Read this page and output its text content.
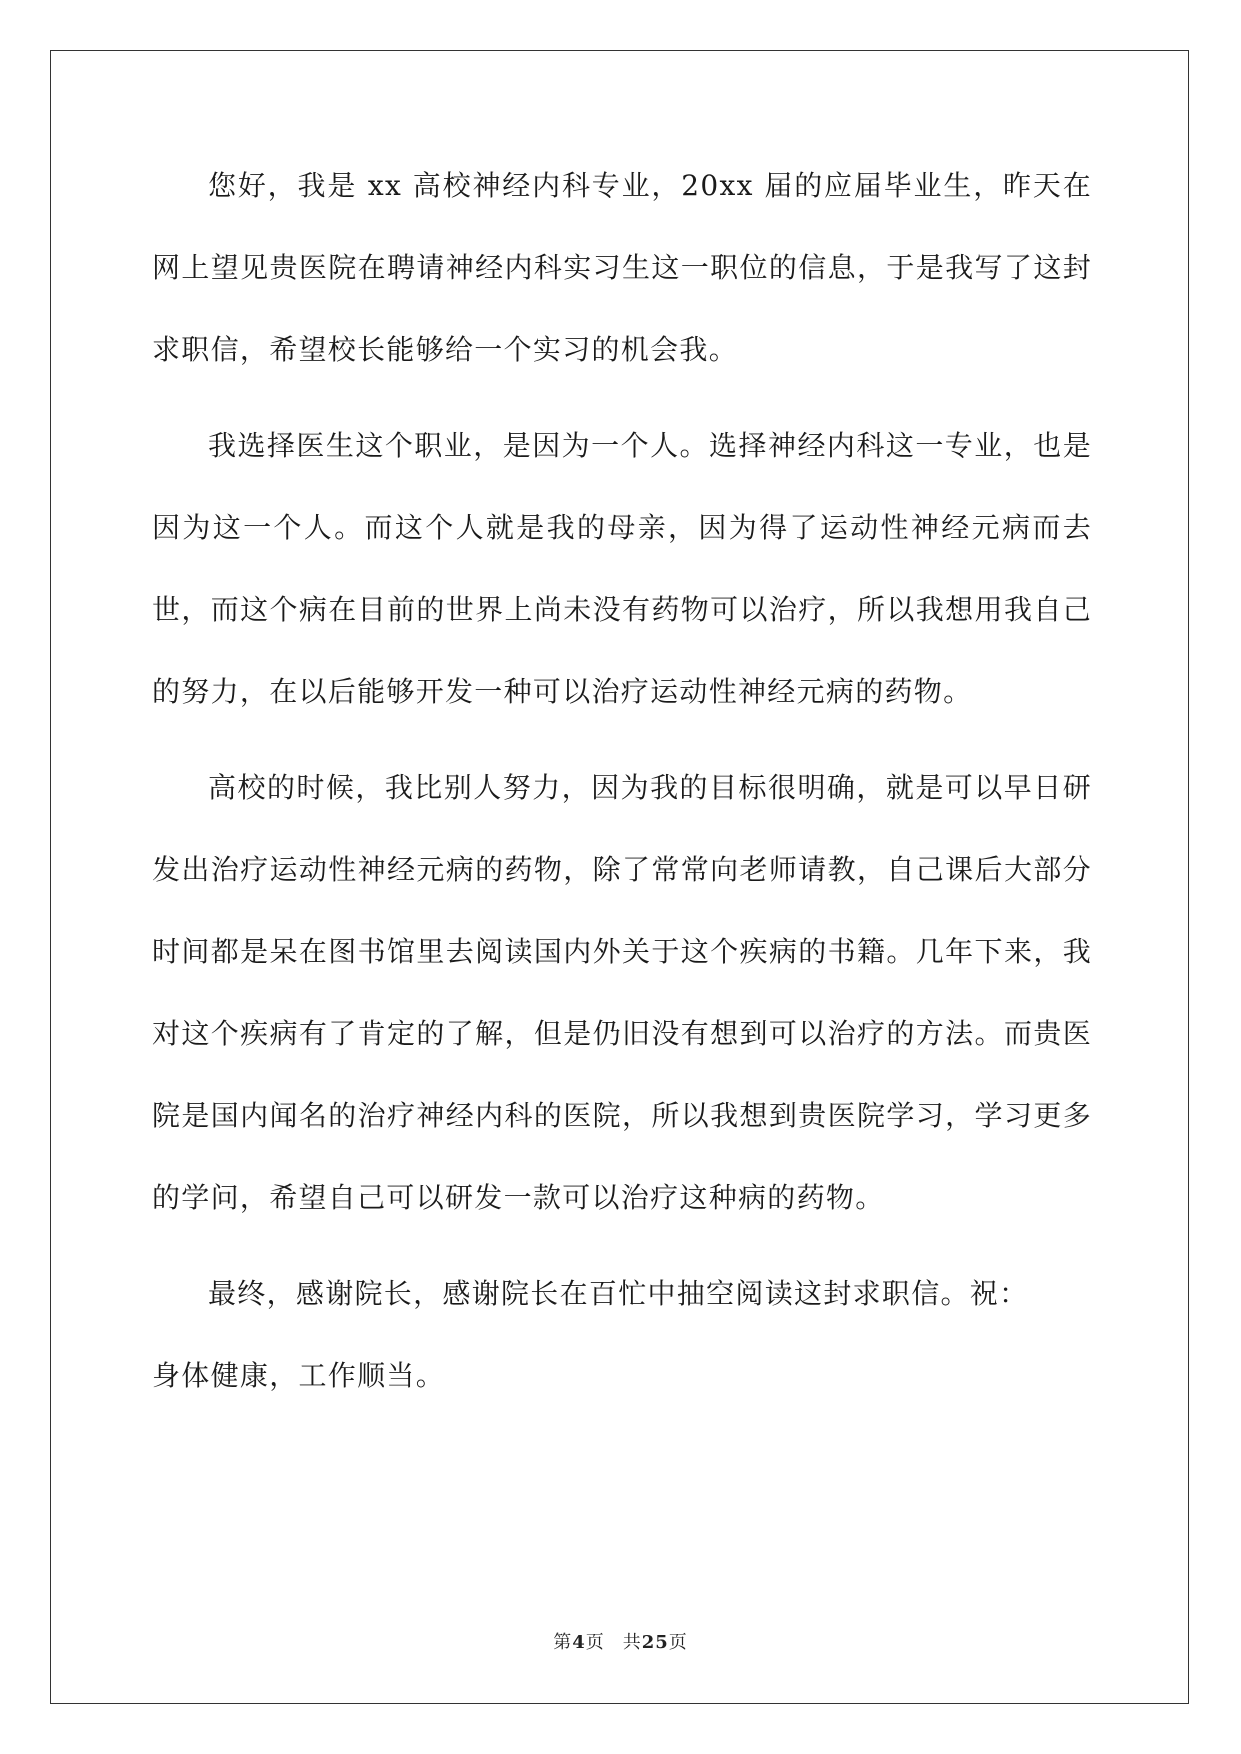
您好，我是 xx 高校神经内科专业，20xx 届的应届毕业生，昨天在网上望见贵医院在聘请神经内科实习生这一职位的信息，于是我写了这封求职信，希望校长能够给一个实习的机会我。

我选择医生这个职业，是因为一个人。选择神经内科这一专业，也是因为这一个人。而这个人就是我的母亲，因为得了运动性神经元病而去世，而这个病在目前的世界上尚未没有药物可以治疗，所以我想用我自己的努力，在以后能够开发一种可以治疗运动性神经元病的药物。

高校的时候，我比别人努力，因为我的目标很明确，就是可以早日研发出治疗运动性神经元病的药物，除了常常向老师请教，自己课后大部分时间都是呆在图书馆里去阅读国内外关于这个疾病的书籍。几年下来，我对这个疾病有了肯定的了解，但是仍旧没有想到可以治疗的方法。而贵医院是国内闻名的治疗神经内科的医院，所以我想到贵医院学习，学习更多的学问，希望自己可以研发一款可以治疗这种病的药物。

最终，感谢院长，感谢院长在百忙中抽空阅读这封求职信。祝：

身体健康，工作顺当。

第4页 共25页
